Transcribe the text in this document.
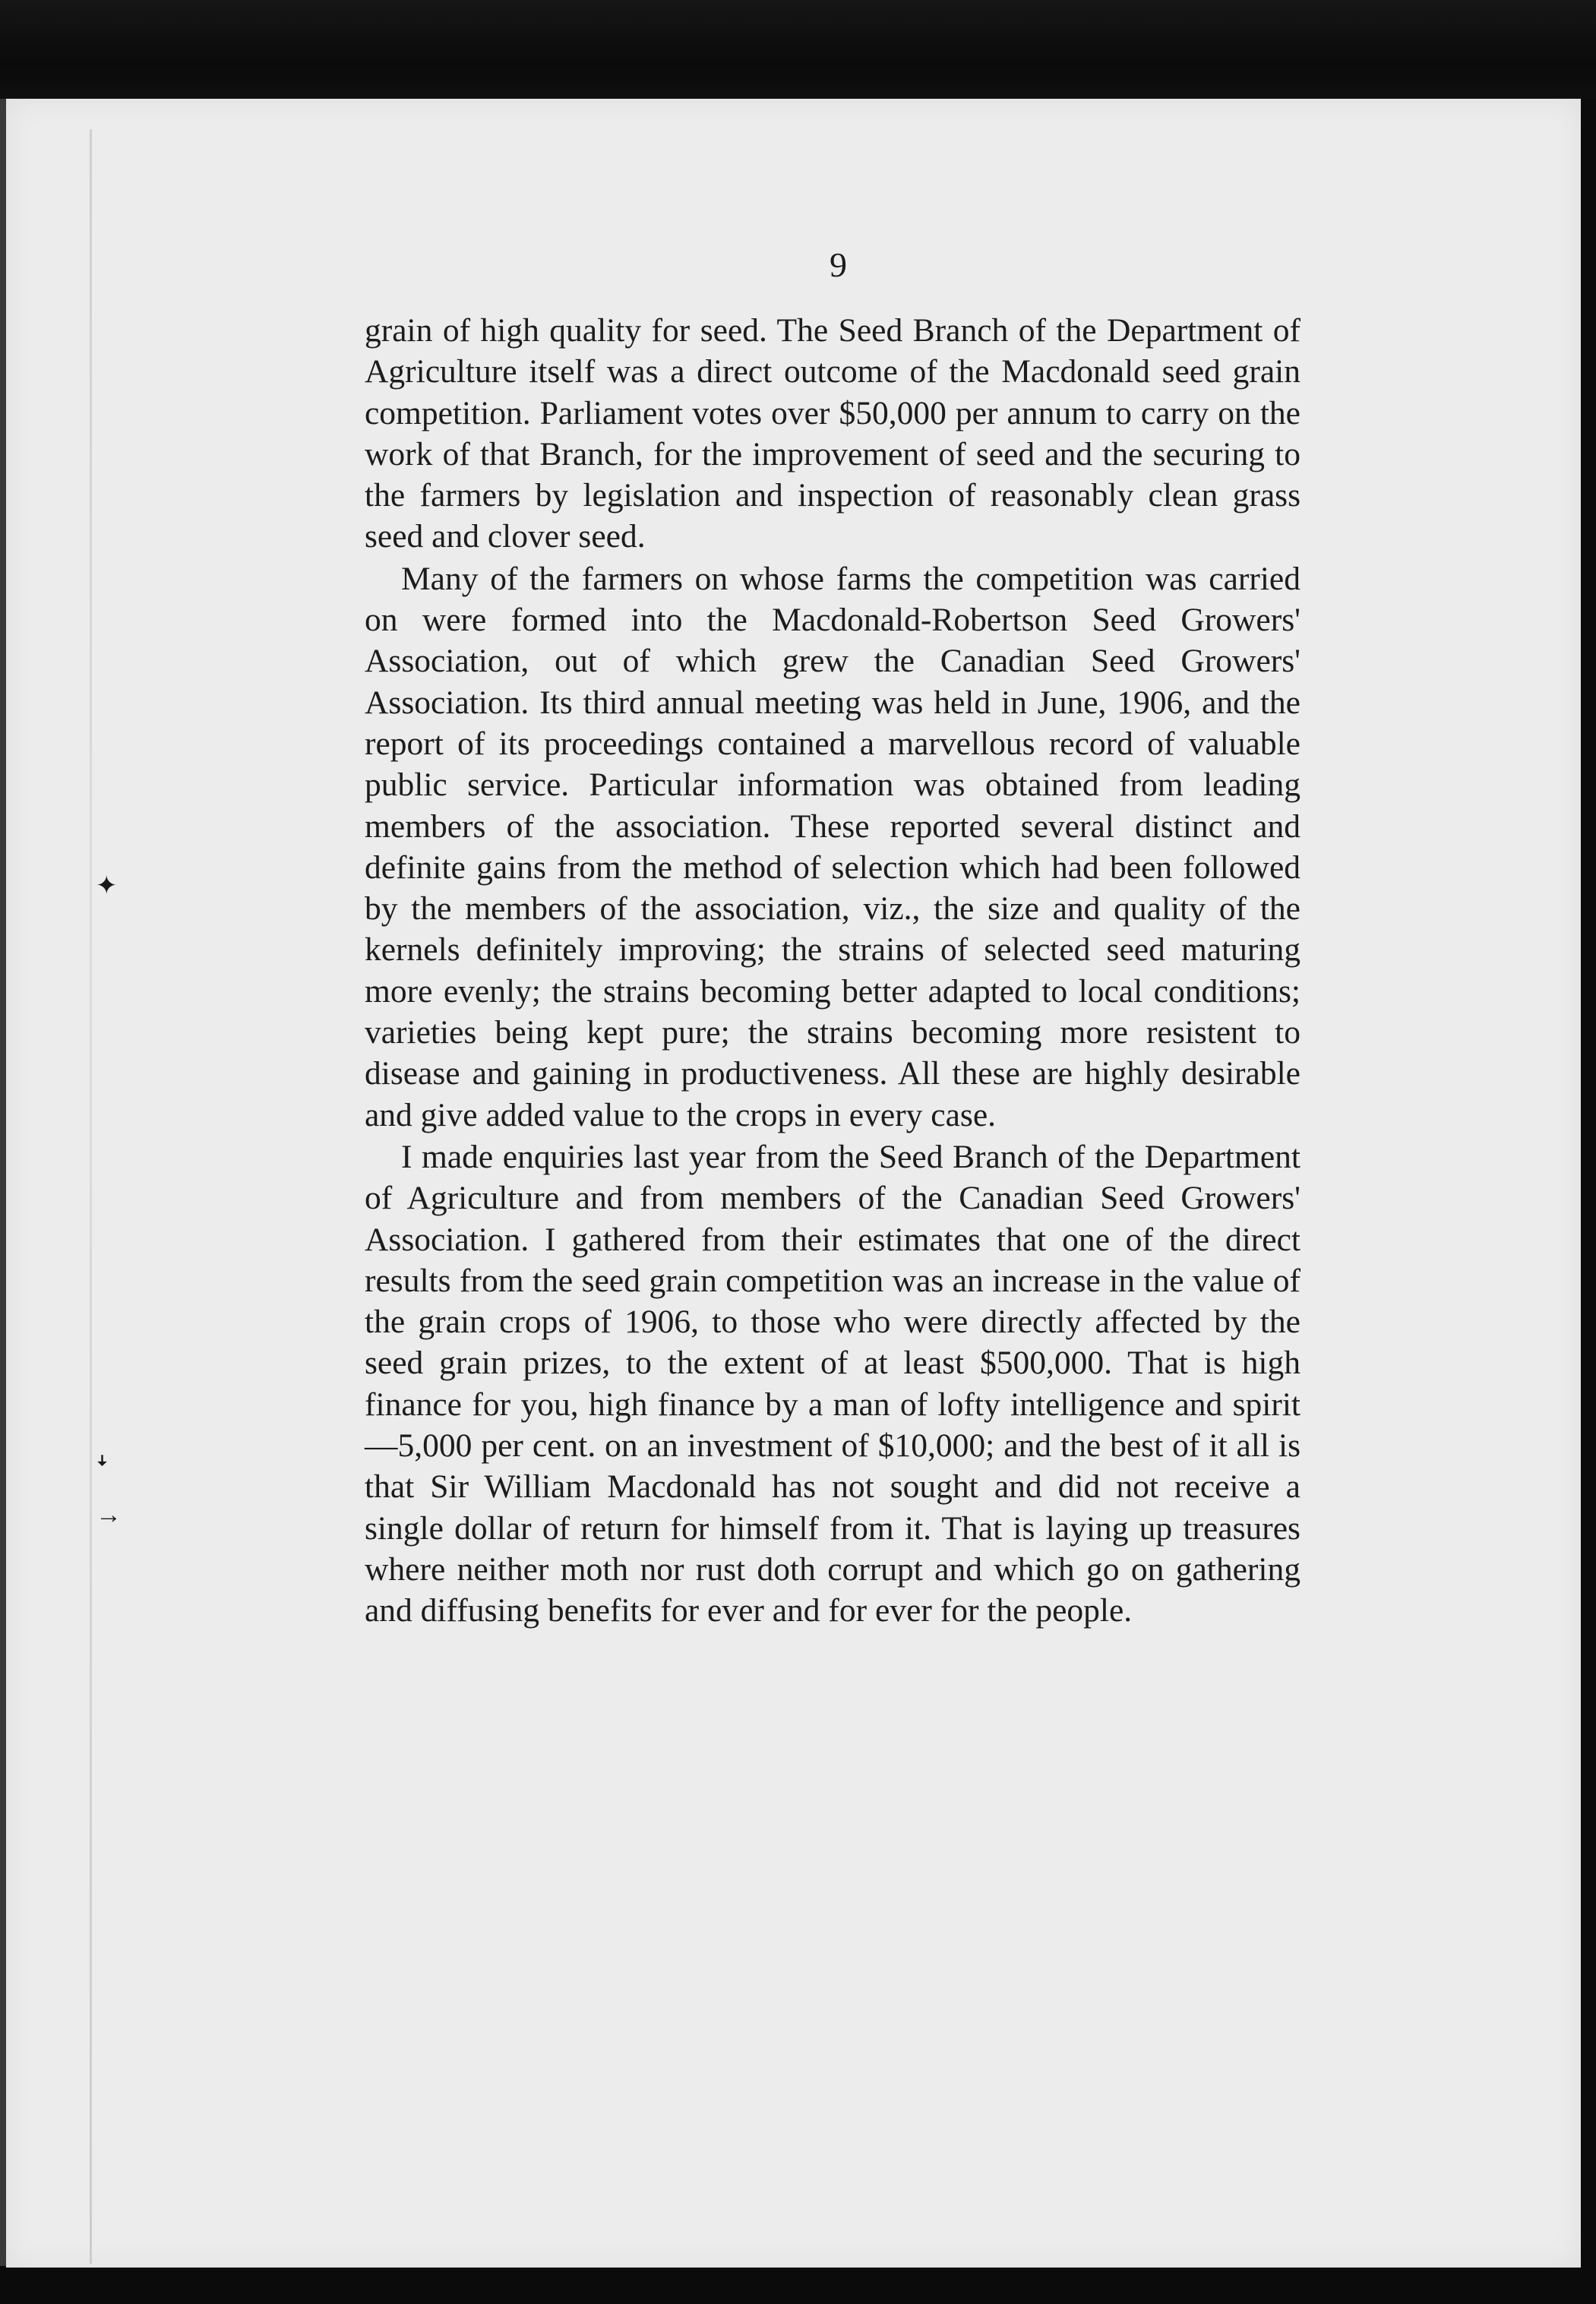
✦
ꜜ
→
9

grain of high quality for seed. The Seed Branch of the Department of Agriculture itself was a direct outcome of the Macdonald seed grain competition. Parliament votes over $50,000 per annum to carry on the work of that Branch, for the improvement of seed and the securing to the farmers by legislation and inspection of reasonably clean grass seed and clover seed.

Many of the farmers on whose farms the competition was carried on were formed into the Macdonald-Robertson Seed Growers' Association, out of which grew the Canadian Seed Growers' Association. Its third annual meeting was held in June, 1906, and the report of its proceedings contained a marvellous record of valuable public service. Particular information was obtained from leading members of the association. These reported several distinct and definite gains from the method of selection which had been followed by the members of the association, viz., the size and quality of the kernels definitely improving; the strains of selected seed maturing more evenly; the strains becoming better adapted to local conditions; varieties being kept pure; the strains becoming more resistent to disease and gaining in productiveness. All these are highly desirable and give added value to the crops in every case.

I made enquiries last year from the Seed Branch of the Department of Agriculture and from members of the Canadian Seed Growers' Association. I gathered from their estimates that one of the direct results from the seed grain competition was an increase in the value of the grain crops of 1906, to those who were directly affected by the seed grain prizes, to the extent of at least $500,000. That is high finance for you, high finance by a man of lofty intelligence and spirit—5,000 per cent. on an investment of $10,000; and the best of it all is that Sir William Macdonald has not sought and did not receive a single dollar of return for himself from it. That is laying up treasures where neither moth nor rust doth corrupt and which go on gathering and diffusing benefits for ever and for ever for the people.
